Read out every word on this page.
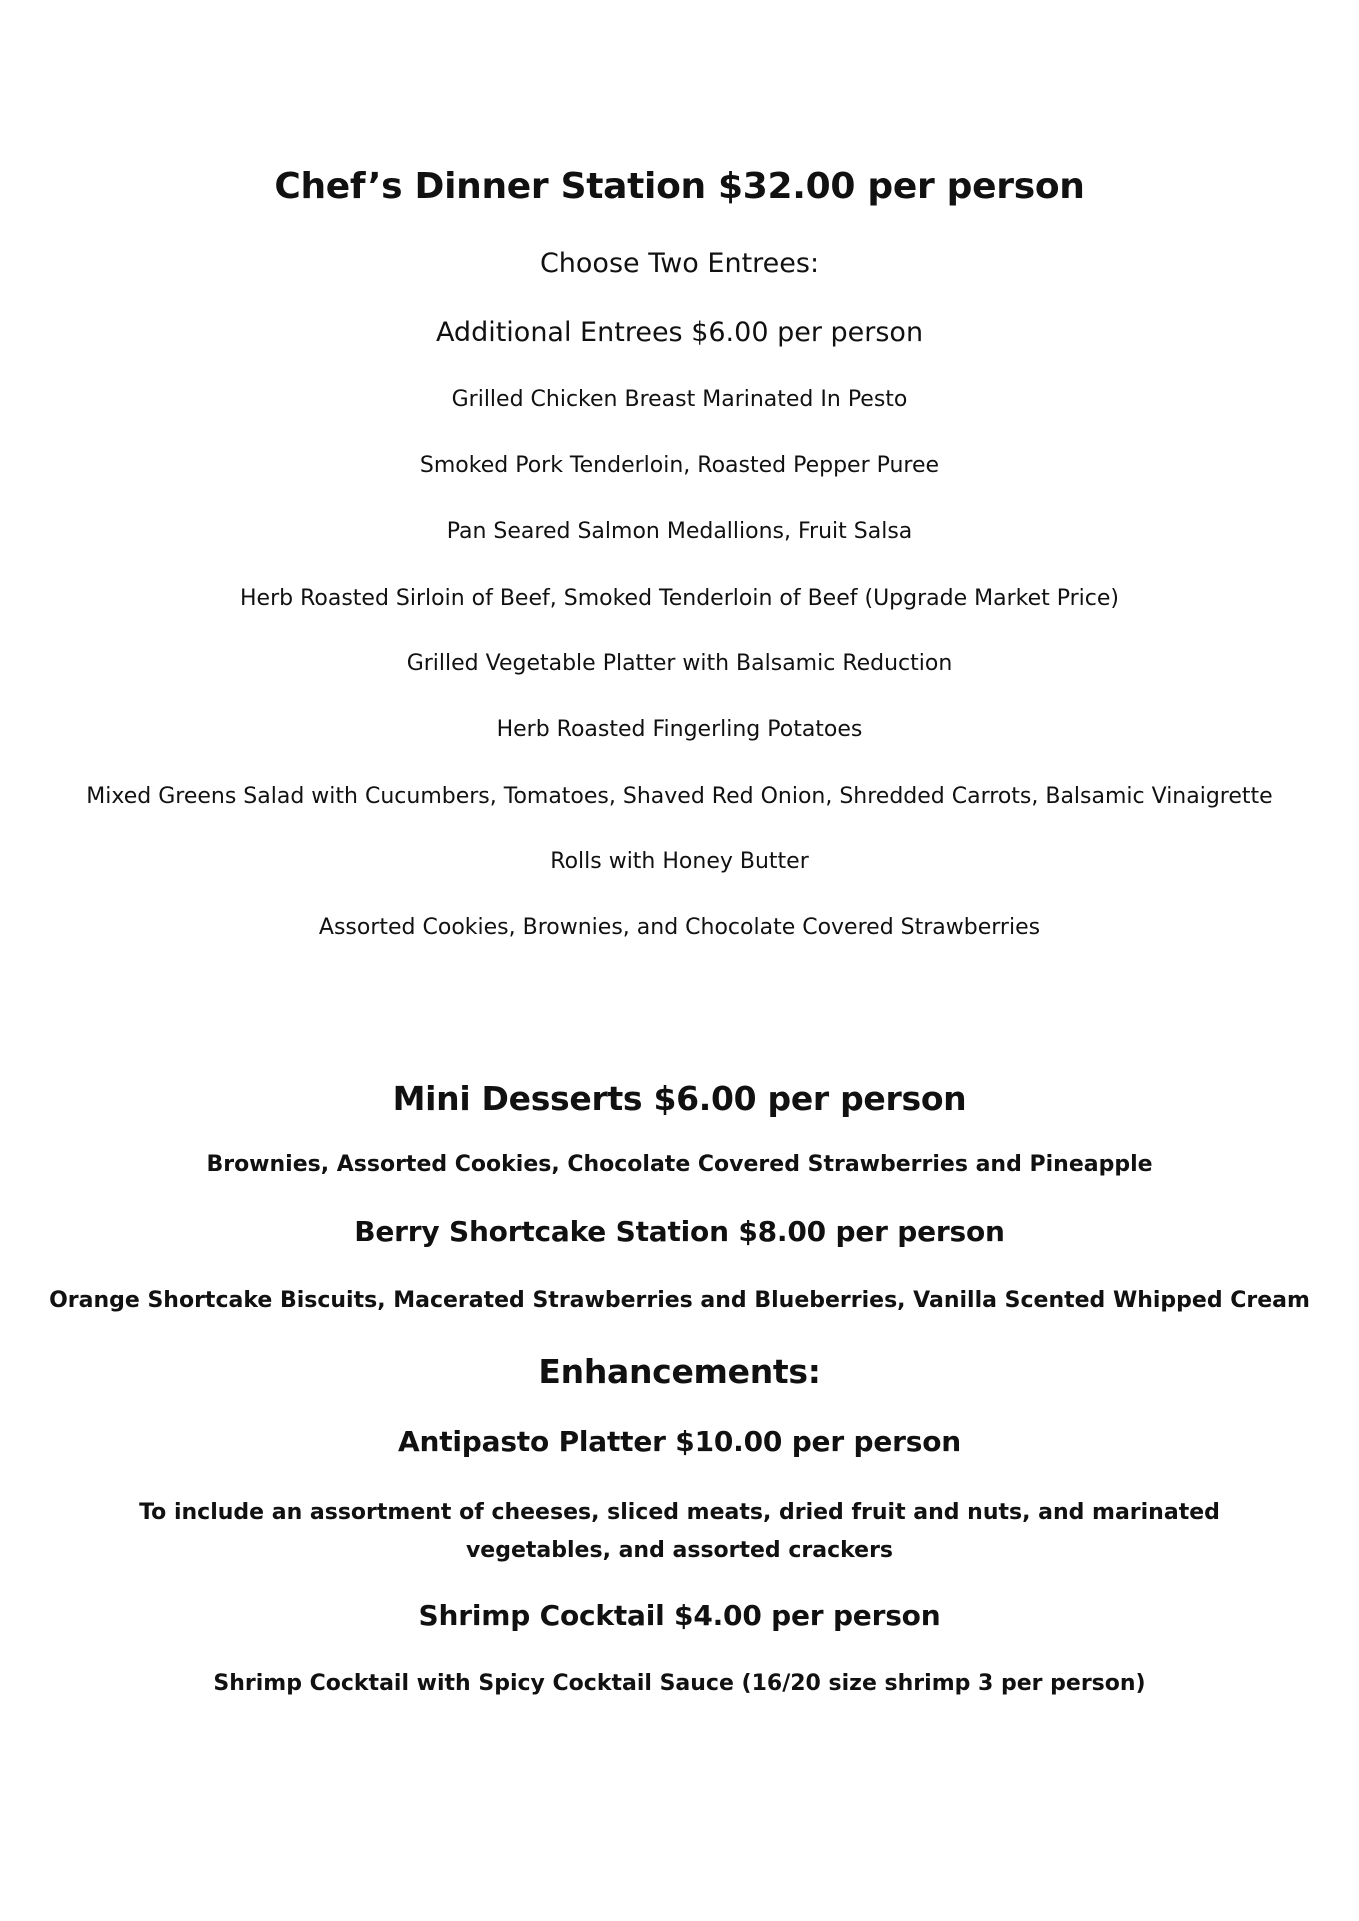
Chef’s Dinner Station $32.00 per person

Choose Two Entrees:

Additional Entrees $6.00 per person

Grilled Chicken Breast Marinated In Pesto

Smoked Pork Tenderloin, Roasted Pepper Puree

Pan Seared Salmon Medallions, Fruit Salsa

Herb Roasted Sirloin of Beef, Smoked Tenderloin of Beef (Upgrade Market Price)

Grilled Vegetable Platter with Balsamic Reduction

Herb Roasted Fingerling Potatoes

Mixed Greens Salad with Cucumbers, Tomatoes, Shaved Red Onion, Shredded Carrots, Balsamic Vinaigrette

Rolls with Honey Butter

Assorted Cookies, Brownies, and Chocolate Covered Strawberries

Mini Desserts $6.00 per person

Brownies, Assorted Cookies, Chocolate Covered Strawberries and Pineapple

Berry Shortcake Station $8.00 per person

Orange Shortcake Biscuits, Macerated Strawberries and Blueberries, Vanilla Scented Whipped Cream

Enhancements:
Antipasto Platter $10.00 per person

To include an assortment of cheeses, sliced meats, dried fruit and nuts, and marinated vegetables, and assorted crackers

Shrimp Cocktail $4.00 per person

Shrimp Cocktail with Spicy Cocktail Sauce (16/20 size shrimp 3 per person)
